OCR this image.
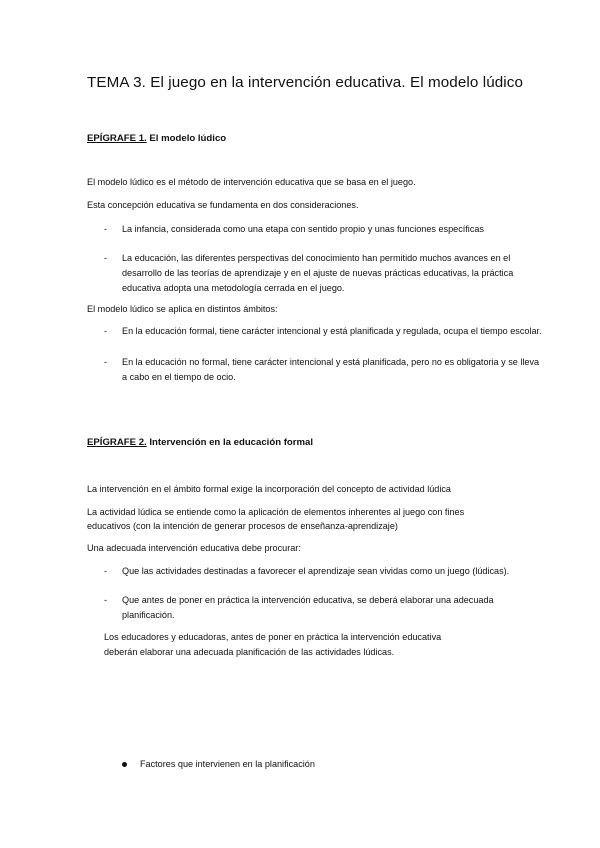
TEMA 3. El juego en la intervención educativa. El modelo lúdico
EPÍGRAFE 1. El modelo lúdico
El modelo lúdico es el método de intervención educativa que se basa en el juego.
Esta concepción educativa se fundamenta en dos consideraciones.
- La infancia, considerada como una etapa con sentido propio y unas funciones específicas
- La educación, las diferentes perspectivas del conocimiento han permitido muchos avances en el desarrollo de las teorías de aprendizaje y en el ajuste de nuevas prácticas educativas, la práctica educativa adopta una metodología cerrada en el juego.
El modelo lúdico se aplica en distintos ámbitos:
- En la educación formal, tiene carácter intencional y está planificada y regulada, ocupa el tiempo escolar.
- En la educación no formal, tiene carácter intencional y está planificada, pero no es obligatoria y se lleva a cabo en el tiempo de ocio.
EPÍGRAFE 2. Intervención en la educación formal
La intervención en el ámbito formal exige la incorporación del concepto de actividad lúdica
La actividad lúdica se entiende como la aplicación de elementos inherentes al juego con fines
educativos (con la intención de generar procesos de enseñanza-aprendizaje)
Una adecuada intervención educativa debe procurar:
- Que las actividades destinadas a favorecer el aprendizaje sean vividas como un juego (lúdicas).
- Que antes de poner en práctica la intervención educativa, se deberá elaborar una adecuada planificación.
Los educadores y educadoras, antes de poner en práctica la intervención educativa
deberán elaborar una adecuada planificación de las actividades lúdicas.
Factores que intervienen en la planificación
